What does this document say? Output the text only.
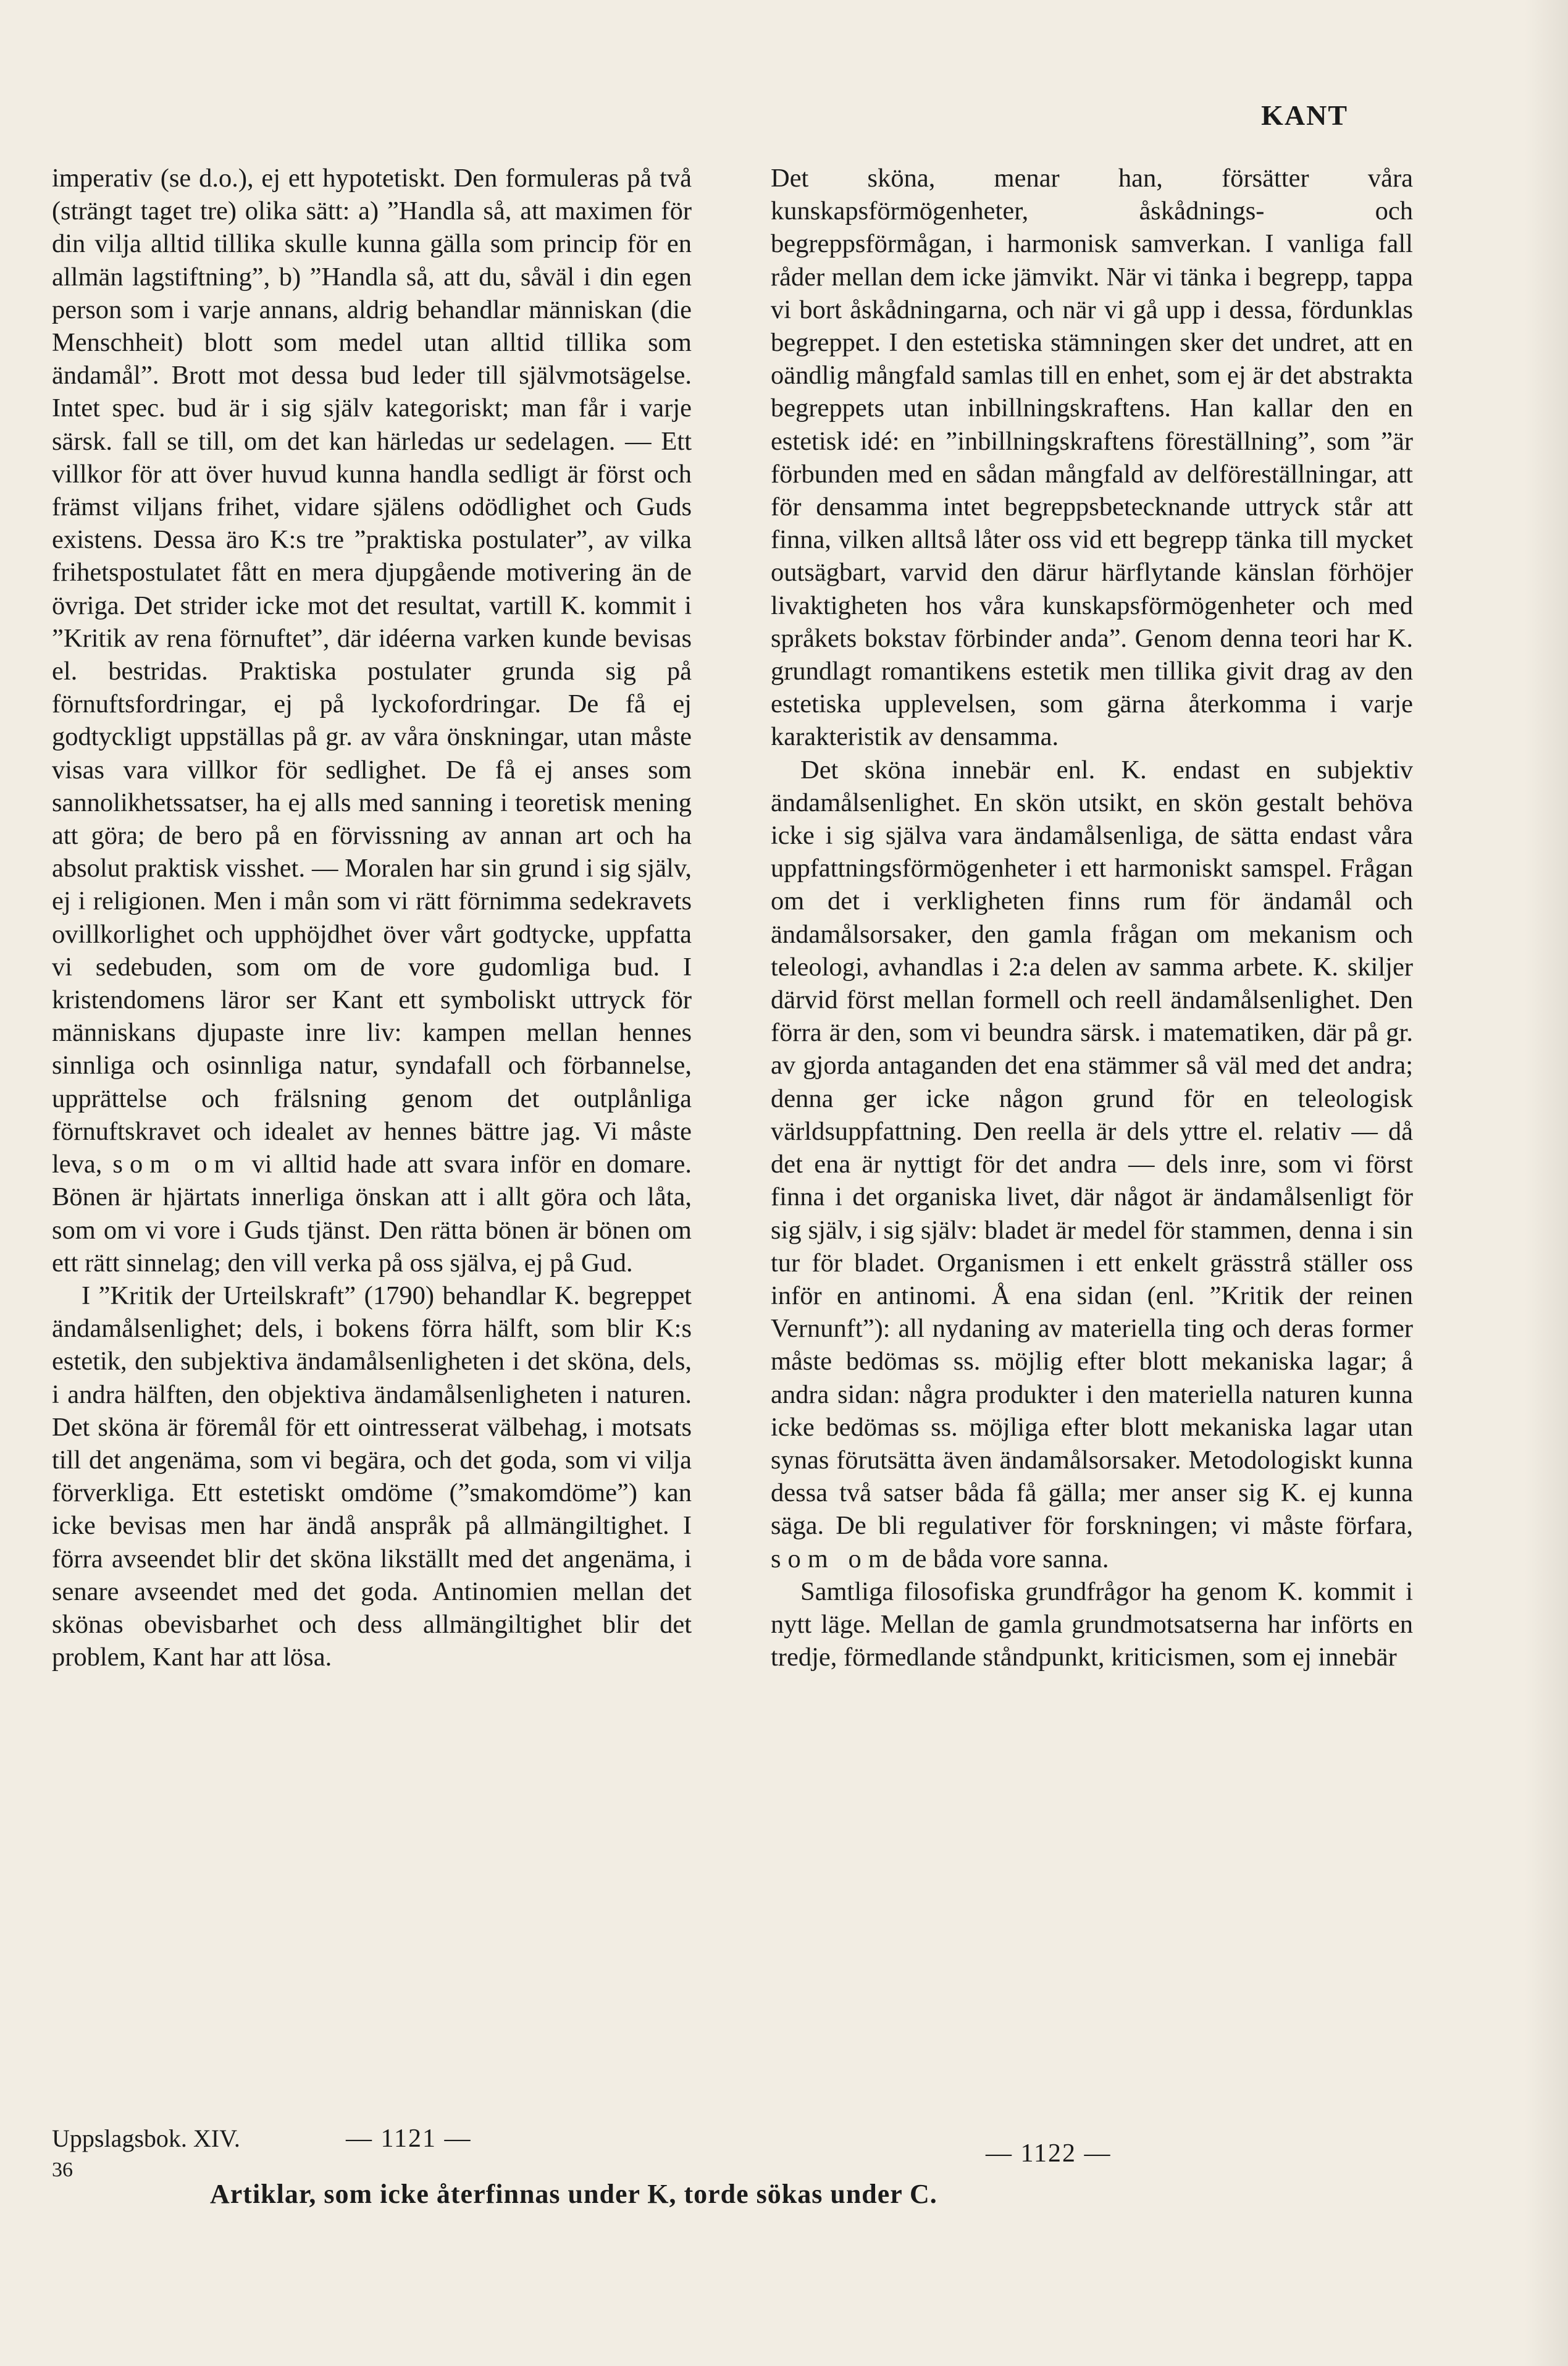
KANT

imperativ (se d.o.), ej ett hypotetiskt. Den formuleras på två (strängt taget tre) olika sätt: a) ”Handla så, att maximen för din vilja alltid tillika skulle kunna gälla som princip för en allmän lagstiftning”, b) ”Handla så, att du, såväl i din egen person som i varje annans, aldrig behandlar människan (die Menschheit) blott som medel utan alltid tillika som ändamål”. Brott mot dessa bud leder till självmotsägelse. Intet spec. bud är i sig själv kategoriskt; man får i varje särsk. fall se till, om det kan härledas ur sedelagen. — Ett villkor för att över huvud kunna handla sedligt är först och främst viljans frihet, vidare själens odödlighet och Guds existens. Dessa äro K:s tre ”praktiska postulater”, av vilka frihetspostulatet fått en mera djupgående motivering än de övriga. Det strider icke mot det resultat, vartill K. kommit i ”Kritik av rena förnuftet”, där idéerna varken kunde bevisas el. bestridas. Praktiska postulater grunda sig på förnuftsfordringar, ej på lyckofordringar. De få ej godtyckligt uppställas på gr. av våra önskningar, utan måste visas vara villkor för sedlighet. De få ej anses som sannolikhetssatser, ha ej alls med sanning i teoretisk mening att göra; de bero på en förvissning av annan art och ha absolut praktisk visshet. — Moralen har sin grund i sig själv, ej i religionen. Men i mån som vi rätt förnimma sedekravets ovillkorlighet och upphöjdhet över vårt godtycke, uppfatta vi sedebuden, som om de vore gudomliga bud. I kristendomens läror ser Kant ett symboliskt uttryck för människans djupaste inre liv: kampen mellan hennes sinnliga och osinnliga natur, syndafall och förbannelse, upprättelse och frälsning genom det outplånliga förnuftskravet och idealet av hennes bättre jag. Vi måste leva, som om vi alltid hade att svara inför en domare. Bönen är hjärtats innerliga önskan att i allt göra och låta, som om vi vore i Guds tjänst. Den rätta bönen är bönen om ett rätt sinnelag; den vill verka på oss själva, ej på Gud.

I ”Kritik der Urteilskraft” (1790) behandlar K. begreppet ändamålsenlighet; dels, i bokens förra hälft, som blir K:s estetik, den subjektiva ändamålsenligheten i det sköna, dels, i andra hälften, den objektiva ändamålsenligheten i naturen. Det sköna är föremål för ett ointresserat välbehag, i motsats till det angenäma, som vi begära, och det goda, som vi vilja förverkliga. Ett estetiskt omdöme (”smakomdöme”) kan icke bevisas men har ändå anspråk på allmängiltighet. I förra avseendet blir det sköna likställt med det angenäma, i senare avseendet med det goda. Antinomien mellan det skönas obevisbarhet och dess allmängiltighet blir det problem, Kant har att lösa.

Det sköna, menar han, försätter våra kunskapsförmögenheter, åskådnings- och begreppsförmågan, i harmonisk samverkan. I vanliga fall råder mellan dem icke jämvikt. När vi tänka i begrepp, tappa vi bort åskådningarna, och när vi gå upp i dessa, fördunklas begreppet. I den estetiska stämningen sker det undret, att en oändlig mångfald samlas till en enhet, som ej är det abstrakta begreppets utan inbillningskraftens. Han kallar den en estetisk idé: en ”inbillningskraftens föreställning”, som ”är förbunden med en sådan mångfald av delföreställningar, att för densamma intet begreppsbetecknande uttryck står att finna, vilken alltså låter oss vid ett begrepp tänka till mycket outsägbart, varvid den därur härflytande känslan förhöjer livaktigheten hos våra kunskapsförmögenheter och med språkets bokstav förbinder anda”. Genom denna teori har K. grundlagt romantikens estetik men tillika givit drag av den estetiska upplevelsen, som gärna återkomma i varje karakteristik av densamma.

Det sköna innebär enl. K. endast en subjektiv ändamålsenlighet. En skön utsikt, en skön gestalt behöva icke i sig själva vara ändamålsenliga, de sätta endast våra uppfattningsförmögenheter i ett harmoniskt samspel. Frågan om det i verkligheten finns rum för ändamål och ändamålsorsaker, den gamla frågan om mekanism och teleologi, avhandlas i 2:a delen av samma arbete. K. skiljer därvid först mellan formell och reell ändamålsenlighet. Den förra är den, som vi beundra särsk. i matematiken, där på gr. av gjorda antaganden det ena stämmer så väl med det andra; denna ger icke någon grund för en teleologisk världsuppfattning. Den reella är dels yttre el. relativ — då det ena är nyttigt för det andra — dels inre, som vi först finna i det organiska livet, där något är ändamålsenligt för sig själv, i sig själv: bladet är medel för stammen, denna i sin tur för bladet. Organismen i ett enkelt grässtrå ställer oss inför en antinomi. Å ena sidan (enl. ”Kritik der reinen Vernunft”): all nydaning av materiella ting och deras former måste bedömas ss. möjlig efter blott mekaniska lagar; å andra sidan: några produkter i den materiella naturen kunna icke bedömas ss. möjliga efter blott mekaniska lagar utan synas förutsätta även ändamålsorsaker. Metodologiskt kunna dessa två satser båda få gälla; mer anser sig K. ej kunna säga. De bli regulativer för forskningen; vi måste förfara, som om de båda vore sanna.

Samtliga filosofiska grundfrågor ha genom K. kommit i nytt läge. Mellan de gamla grundmotsatserna har införts en tredje, förmedlande ståndpunkt, kriticismen, som ej innebär

Uppslagsbok. XIV.	— 1121 —
36
— 1122 —
Artiklar, som icke återfinnas under K, torde sökas under C.
